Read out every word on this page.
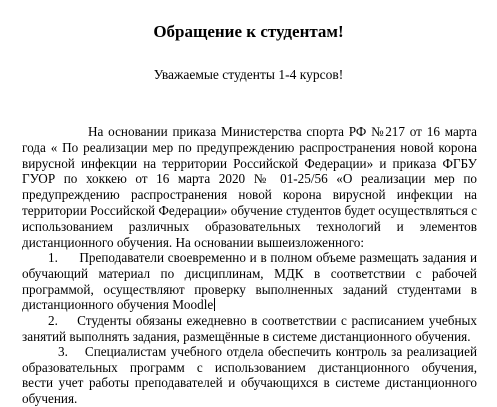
Обращение к студентам!
Уважаемые студенты 1-4 курсов!
На основании приказа Министерства спорта РФ №217 от 16 марта
года « По реализации мер по предупреждению распространения новой корона
вирусной инфекции на территории Российской Федерации» и приказа ФГБУ
ГУОР по хоккею от 16 марта 2020 № 01-25/56 «О реализации мер по
предупреждению распространения новой корона вирусной инфекции на
территории Российской Федерации» обучение студентов будет осуществляться с
использованием различных образовательных технологий и элементов
дистанционного обучения. На основании вышеизложенного:
1. Преподаватели своевременно и в полном объеме размещать задания и
обучающий материал по дисциплинам, МДК в соответствии с рабочей
программой, осуществляют проверку выполненных заданий студентами в
дистанционного обучения Moodle
2. Студенты обязаны ежедневно в соответствии с расписанием учебных
занятий выполнять задания, размещённые в системе дистанционного обучения.
3. Специалистам учебного отдела обеспечить контроль за реализацией
образовательных программ с использованием дистанционного обучения,
вести учет работы преподавателей и обучающихся в системе дистанционного
обучения.
